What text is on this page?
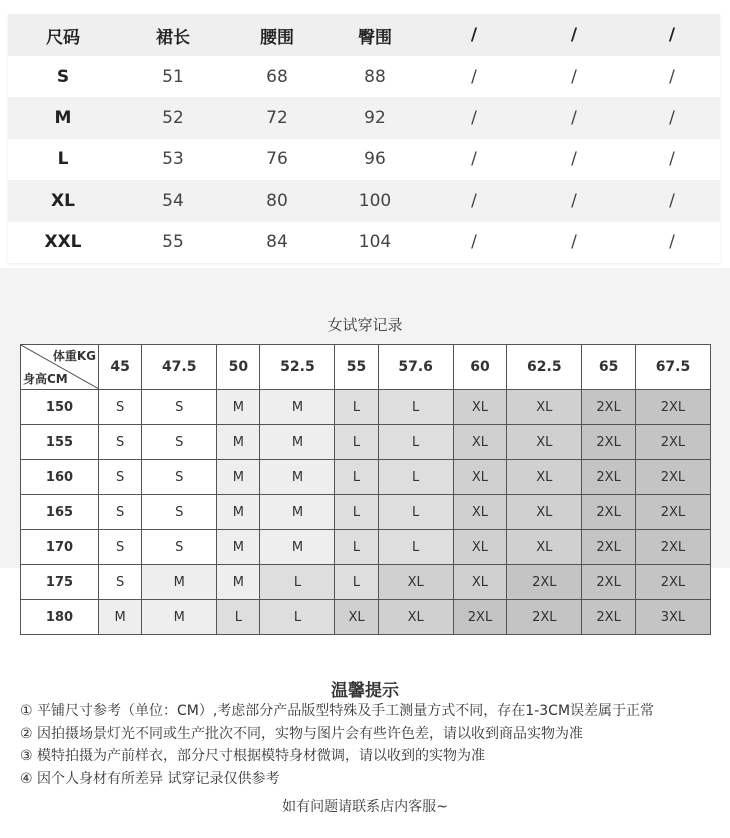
尺码	裙长	腰围	臀围	/	/	/
S	51	68	88	/	/	/
M	52	72	92	/	/	/
L	53	76	96	/	/	/
XL	54	80	100	/	/	/
XXL	55	84	104	/	/	/
女试穿记录
体重KG
身高CM	45	47.5	50	52.5	55	57.6	60	62.5	65	67.5
150	S	S	M	M	L	L	XL	XL	2XL	2XL
155	S	S	M	M	L	L	XL	XL	2XL	2XL
160	S	S	M	M	L	L	XL	XL	2XL	2XL
165	S	S	M	M	L	L	XL	XL	2XL	2XL
170	S	S	M	M	L	L	XL	XL	2XL	2XL
175	S	M	M	L	L	XL	XL	2XL	2XL	2XL
180	M	M	L	L	XL	XL	2XL	2XL	2XL	3XL
温馨提示
① 平铺尺寸参考（单位：CM）,考虑部分产品版型特殊及手工测量方式不同，存在1-3CM误差属于正常
② 因拍摄场景灯光不同或生产批次不同，实物与图片会有些许色差，请以收到商品实物为准
③ 模特拍摄为产前样衣，部分尺寸根据模特身材微调，请以收到的实物为准
④ 因个人身材有所差异 试穿记录仅供参考
如有问题请联系店内客服~
